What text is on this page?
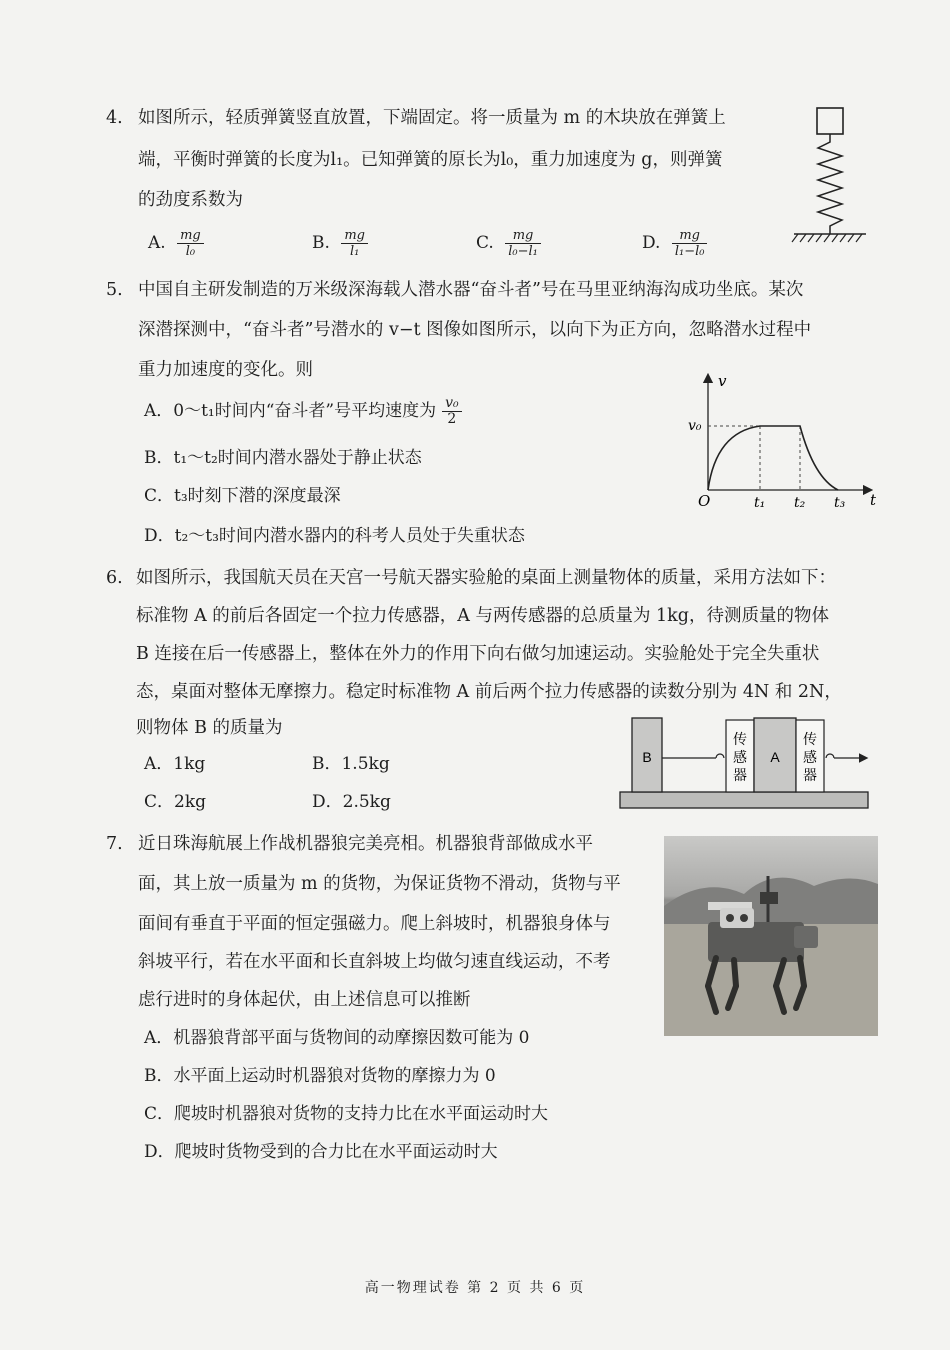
4. 如图所示，轻质弹簧竖直放置，下端固定。将一质量为 m 的木块放在弹簧上
端，平衡时弹簧的长度为l₁。已知弹簧的原长为l₀，重力加速度为 g，则弹簧
的劲度系数为
A. $\frac{mg}{\text{l₀}}$	B. $\frac{mg}{\text{l₁}}$	C. $\frac{mg}{\text{l₀−l₁}}$	D. $\frac{mg}{\text{l₁−l₀}}$
5. 中国自主研发制造的万米级深海载人潜水器“奋斗者”号在马里亚纳海沟成功坐底。某次
深潜探测中，“奋斗者”号潜水的 v−t 图像如图所示，以向下为正方向，忽略潜水过程中
重力加速度的变化。则
A．0～t₁时间内“奋斗者”号平均速度为 $\frac{\text{v₀}}{2}$
B．t₁～t₂时间内潜水器处于静止状态
C．t₃时刻下潜的深度最深
D．t₂～t₃时间内潜水器内的科考人员处于失重状态
v
t
O
v₀
t₁ t₂ t₃
6. 如图所示，我国航天员在天宫一号航天器实验舱的桌面上测量物体的质量，采用方法如下：
标准物 A 的前后各固定一个拉力传感器，A 与两传感器的总质量为 1kg，待测质量的物体
B 连接在后一传感器上，整体在外力的作用下向右做匀加速运动。实验舱处于完全失重状
态，桌面对整体无摩擦力。稳定时标准物 A 前后两个拉力传感器的读数分别为 4N 和 2N，
则物体 B 的质量为
A．1kg	B．1.5kg
C．2kg	D．2.5kg
B
传
感
器
A
传
感
器
7. 近日珠海航展上作战机器狼完美亮相。机器狼背部做成水平
面，其上放一质量为 m 的货物，为保证货物不滑动，货物与平
面间有垂直于平面的恒定强磁力。爬上斜坡时，机器狼身体与
斜坡平行，若在水平面和长直斜坡上均做匀速直线运动，不考
虑行进时的身体起伏，由上述信息可以推断
A．机器狼背部平面与货物间的动摩擦因数可能为 0
B．水平面上运动时机器狼对货物的摩擦力为 0
C．爬坡时机器狼对货物的支持力比在水平面运动时大
D．爬坡时货物受到的合力比在水平面运动时大
高一物理试卷 第 2 页 共 6 页
